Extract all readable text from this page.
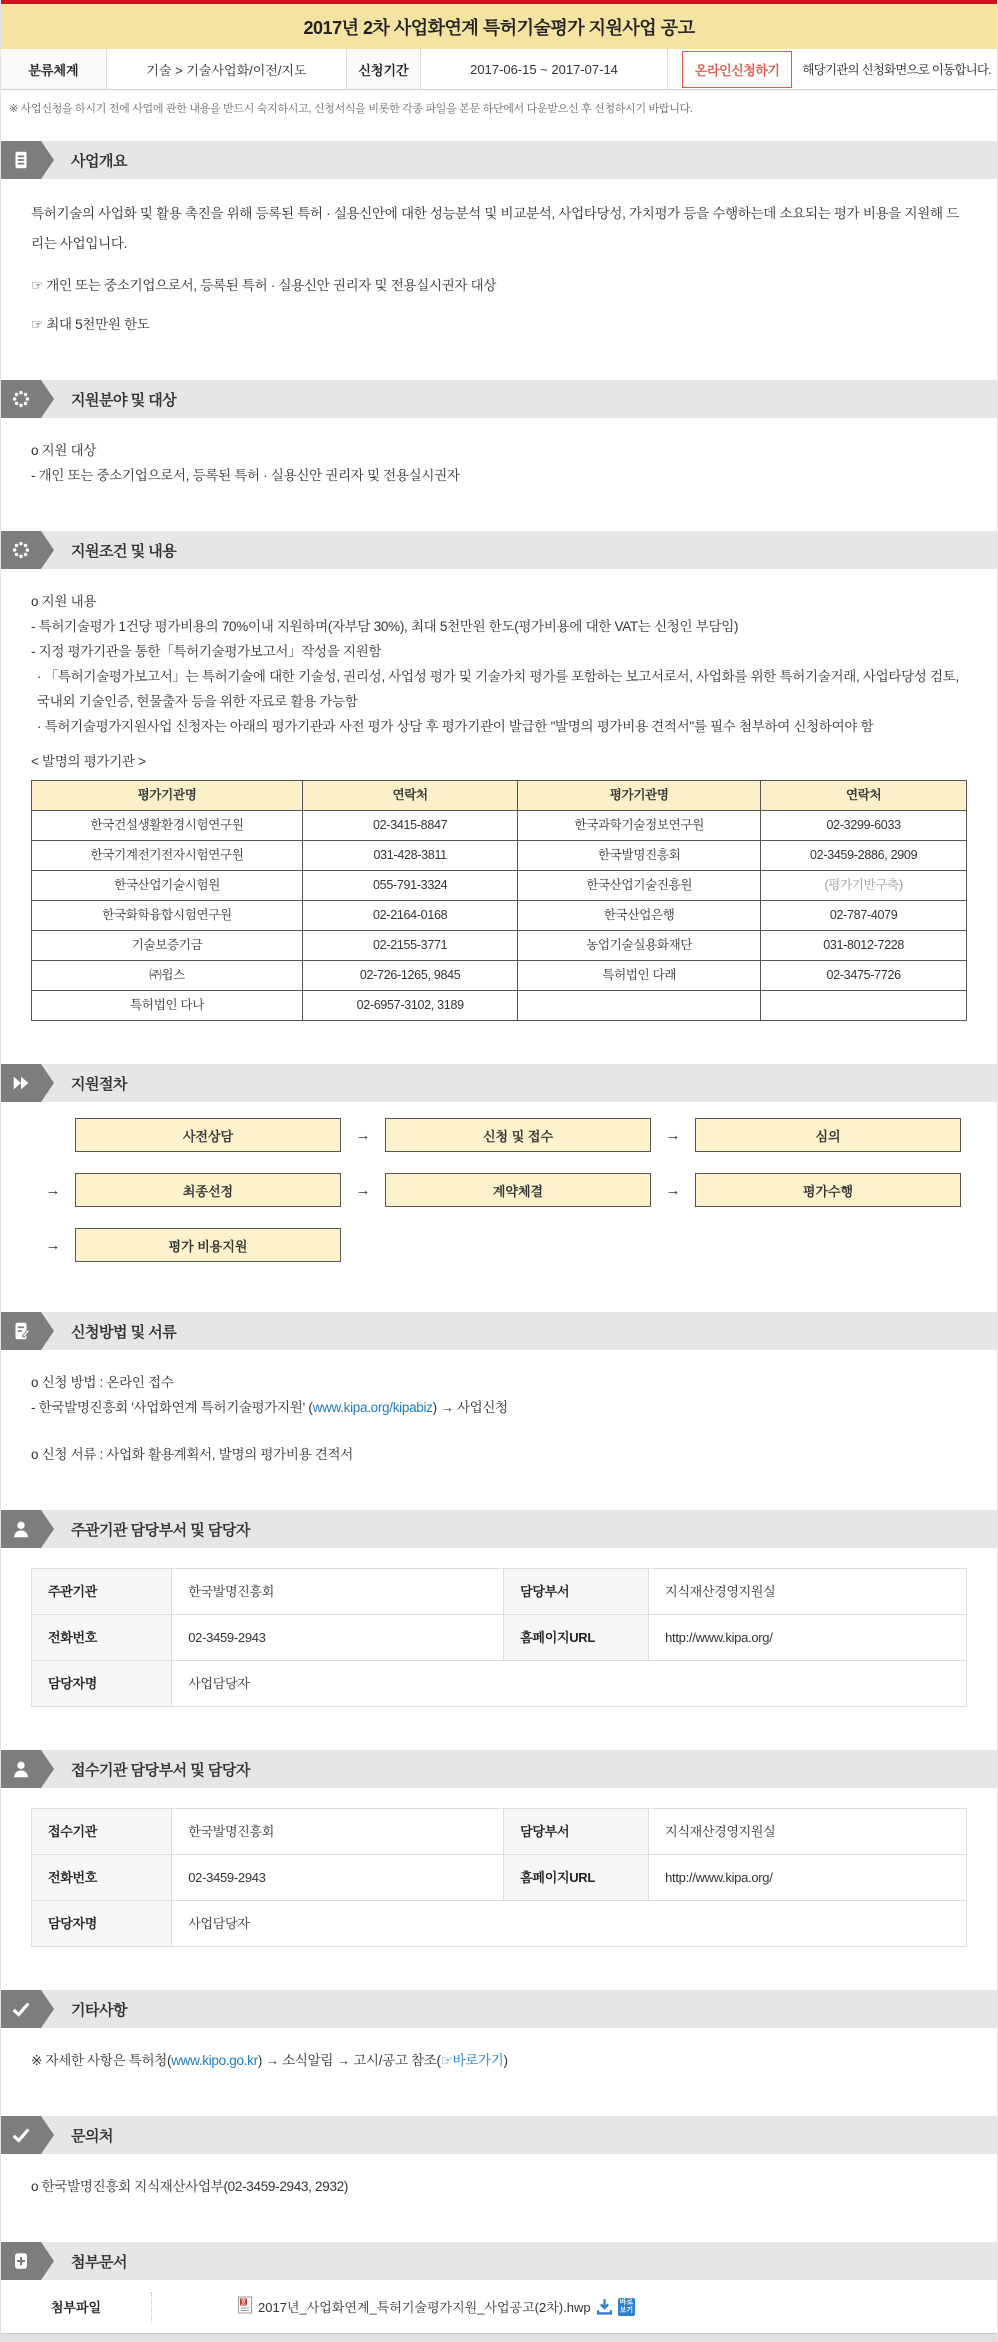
2017년 2차 사업화연계 특허기술평가 지원사업 공고
분류체계	기술 > 기술사업화/이전/지도	신청기간	2017-06-15 ~ 2017-07-14	온라인신청하기	해당기관의 신청화면으로 이동합니다.
※ 사업신청을 하시기 전에 사업에 관한 내용을 반드시 숙지하시고, 신청서식을 비롯한 각종 파일을 본문 하단에서 다운받으신 후 신청하시기 바랍니다.
사업개요

특허기술의 사업화 및 활용 촉진을 위해 등록된 특허 · 실용신안에 대한 성능분석 및 비교분석, 사업타당성, 가치평가 등을 수행하는데 소요되는 평가 비용을 지원해 드리는 사업입니다.

☞ 개인 또는 중소기업으로서, 등록된 특허 · 실용신안 권리자 및 전용실시권자 대상

☞ 최대 5천만원 한도

지원분야 및 대상

o 지원 대상

- 개인 또는 중소기업으로서, 등록된 특허 · 실용신안 권리자 및 전용실시권자

지원조건 및 내용

o 지원 내용

- 특허기술평가 1건당 평가비용의 70%이내 지원하며(자부담 30%), 최대 5천만원 한도(평가비용에 대한 VAT는 신청인 부담임)

- 지정 평가기관을 통한「특허기술평가보고서」작성을 지원함

· 「특허기술평가보고서」는 특허기술에 대한 기술성, 권리성, 사업성 평가 및 기술가치 평가를 포함하는 보고서로서, 사업화를 위한 특허기술거래, 사업타당성 검토, 국내외 기술인증, 현물출자 등을 위한 자료로 활용 가능함

· 특허기술평가지원사업 신청자는 아래의 평가기관과 사전 평가 상담 후 평가기관이 발급한 "발명의 평가비용 견적서"를 필수 첨부하여 신청하여야 함

< 발명의 평가기관 >

평가기관명	연락처	평가기관명	연락처
한국건설생활환경시험연구원	02-3415-8847	한국과학기술정보연구원	02-3299-6033
한국기계전기전자시험연구원	031-428-3811	한국발명진흥회	02-3459-2886, 2909
한국산업기술시험원	055-791-3324	한국산업기술진흥원	(평가기반구축)
한국화학융합시험연구원	02-2164-0168	한국산업은행	02-787-4079
기술보증기금	02-2155-3771	농업기술실용화재단	031-8012-7228
㈜윕스	02-726-1265, 9845	특허법인 다래	02-3475-7726
특허법인 다나	02-6957-3102, 3189		
지원절차
사전상담	→	신청 및 접수	→	심의
→	최종선정	→	계약체결	→	평가수행
→	평가 비용지원
신청방법 및 서류

o 신청 방법 : 온라인 접수

- 한국발명진흥회 '사업화연계 특허기술평가지원' (www.kipa.org/kipabiz) → 사업신청

o 신청 서류 : 사업화 활용계획서, 발명의 평가비용 견적서

주관기관 담당부서 및 담당자
주관기관	한국발명진흥회	담당부서	지식재산경영지원실
전화번호	02-3459-2943	홈페이지URL	http://www.kipa.org/
담당자명	사업담당자		
접수기관 담당부서 및 담당자
접수기관	한국발명진흥회	담당부서	지식재산경영지원실
전화번호	02-3459-2943	홈페이지URL	http://www.kipa.org/
담당자명	사업담당자		
기타사항

※ 자세한 사항은 특허청(www.kipo.go.kr) → 소식알림 → 고시/공고 참조(☞바로가기)

문의처

o 한국발명진흥회 지식재산사업부(02-3459-2943, 2932)

첨부문서
첨부파일	호 2017년_사업화연계_특허기술평가지원_사업공고(2차).hwp	바로
보기
